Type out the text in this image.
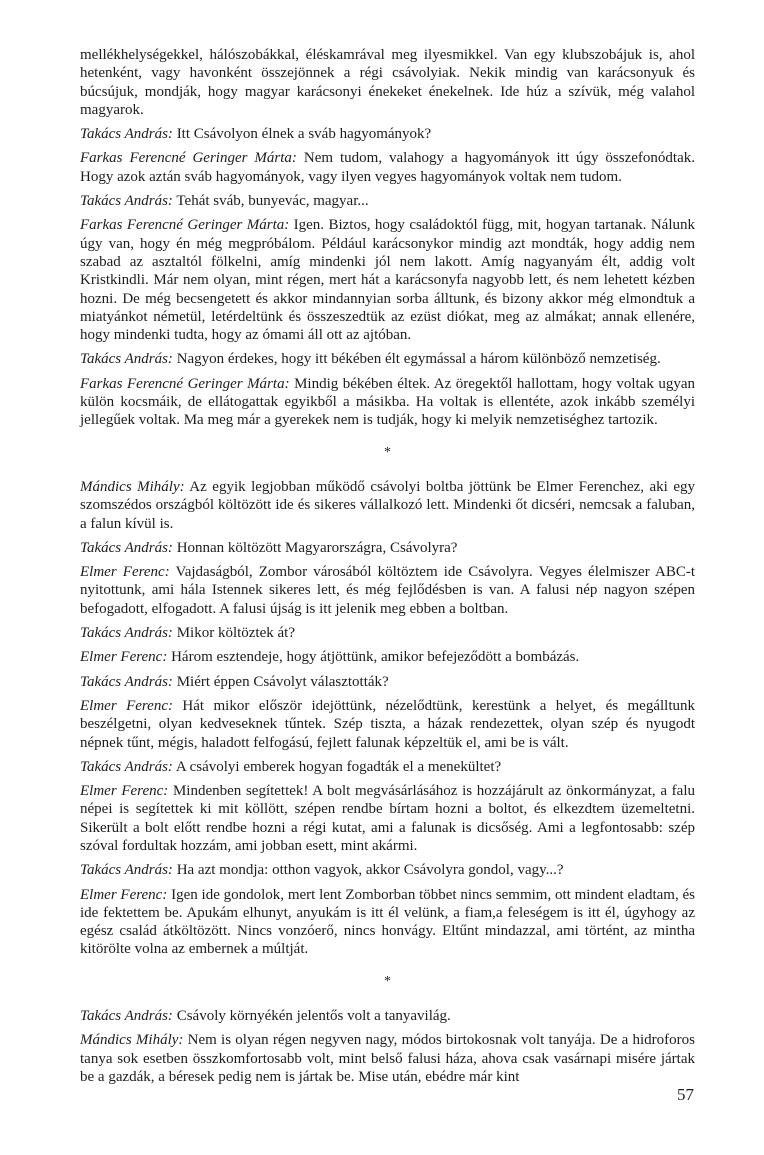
mellékhelységekkel, hálószobákkal, éléskamrával meg ilyesmikkel. Van egy klubszobájuk is, ahol hetenként, vagy havonként összejönnek a régi csávolyiak. Nekik mindig van karácsonyuk és búcsújuk, mondják, hogy magyar karácsonyi énekeket énekelnek. Ide húz a szívük, még valahol magyarok.

Takács András: Itt Csávolyon élnek a sváb hagyományok?

Farkas Ferencné Geringer Márta: Nem tudom, valahogy a hagyományok itt úgy összefonódtak. Hogy azok aztán sváb hagyományok, vagy ilyen vegyes hagyományok voltak nem tudom.

Takács András: Tehát sváb, bunyevác, magyar...

Farkas Ferencné Geringer Márta: Igen. Biztos, hogy családoktól függ, mit, hogyan tartanak. Nálunk úgy van, hogy én még megpróbálom. Például karácsonykor mindig azt mondták, hogy addig nem szabad az asztaltól fölkelni, amíg mindenki jól nem lakott. Amíg nagyanyám élt, addig volt Kristkindli. Már nem olyan, mint régen, mert hát a karácsonyfa nagyobb lett, és nem lehetett kézben hozni. De még becsengetett és akkor mindannyian sorba álltunk, és bizony akkor még elmondtuk a miatyánkot németül, letérdeltünk és összeszedtük az ezüst diókat, meg az almákat; annak ellenére, hogy mindenki tudta, hogy az ómami áll ott az ajtóban.

Takács András: Nagyon érdekes, hogy itt békében élt egymással a három különböző nemzetiség.

Farkas Ferencné Geringer Márta: Mindig békében éltek. Az öregektől hallottam, hogy voltak ugyan külön kocsmáik, de ellátogattak egyikből a másikba. Ha voltak is ellentéte, azok inkább személyi jellegűek voltak. Ma meg már a gyerekek nem is tudják, hogy ki melyik nemzetiséghez tartozik.

*

Mándics Mihály: Az egyik legjobban működő csávolyi boltba jöttünk be Elmer Ferenchez, aki egy szomszédos országból költözött ide és sikeres vállalkozó lett. Mindenki őt dicséri, nemcsak a faluban, a falun kívül is.

Takács András: Honnan költözött Magyarországra, Csávolyra?

Elmer Ferenc: Vajdaságból, Zombor városából költöztem ide Csávolyra. Vegyes élelmiszer ABC-t nyitottunk, ami hála Istennek sikeres lett, és még fejlődésben is van. A falusi nép nagyon szépen befogadott, elfogadott. A falusi újság is itt jelenik meg ebben a boltban.

Takács András: Mikor költöztek át?

Elmer Ferenc: Három esztendeje, hogy átjöttünk, amikor befejeződött a bombázás.

Takács András: Miért éppen Csávolyt választották?

Elmer Ferenc: Hát mikor először idejöttünk, nézelődtünk, kerestünk a helyet, és megálltunk beszélgetni, olyan kedveseknek tűntek. Szép tiszta, a házak rendezettek, olyan szép és nyugodt népnek tűnt, mégis, haladott felfogású, fejlett falunak képzeltük el, ami be is vált.

Takács András: A csávolyi emberek hogyan fogadták el a menekültet?

Elmer Ferenc: Mindenben segítettek! A bolt megvásárlásához is hozzájárult az önkormányzat, a falu népei is segítettek ki mit köllött, szépen rendbe bírtam hozni a boltot, és elkezdtem üzemeltetni. Sikerült a bolt előtt rendbe hozni a régi kutat, ami a falunak is dicsőség. Ami a legfontosabb: szép szóval fordultak hozzám, ami jobban esett, mint akármi.

Takács András: Ha azt mondja: otthon vagyok, akkor Csávolyra gondol, vagy...?

Elmer Ferenc: Igen ide gondolok, mert lent Zomborban többet nincs semmim, ott mindent eladtam, és ide fektettem be. Apukám elhunyt, anyukám is itt él velünk, a fiam,a feleségem is itt él, úgyhogy az egész család átköltözött. Nincs vonzóerő, nincs honvágy. Eltűnt mindazzal, ami történt, az mintha kitörölte volna az embernek a múltját.

*

Takács András: Csávoly környékén jelentős volt a tanyavilág.

Mándics Mihály: Nem is olyan régen negyven nagy, módos birtokosnak volt tanyája. De a hidroforos tanya sok esetben összkomfortosabb volt, mint belső falusi háza, ahova csak vasárnapi misére jártak be a gazdák, a béresek pedig nem is jártak be. Mise után, ebédre már kint

57
